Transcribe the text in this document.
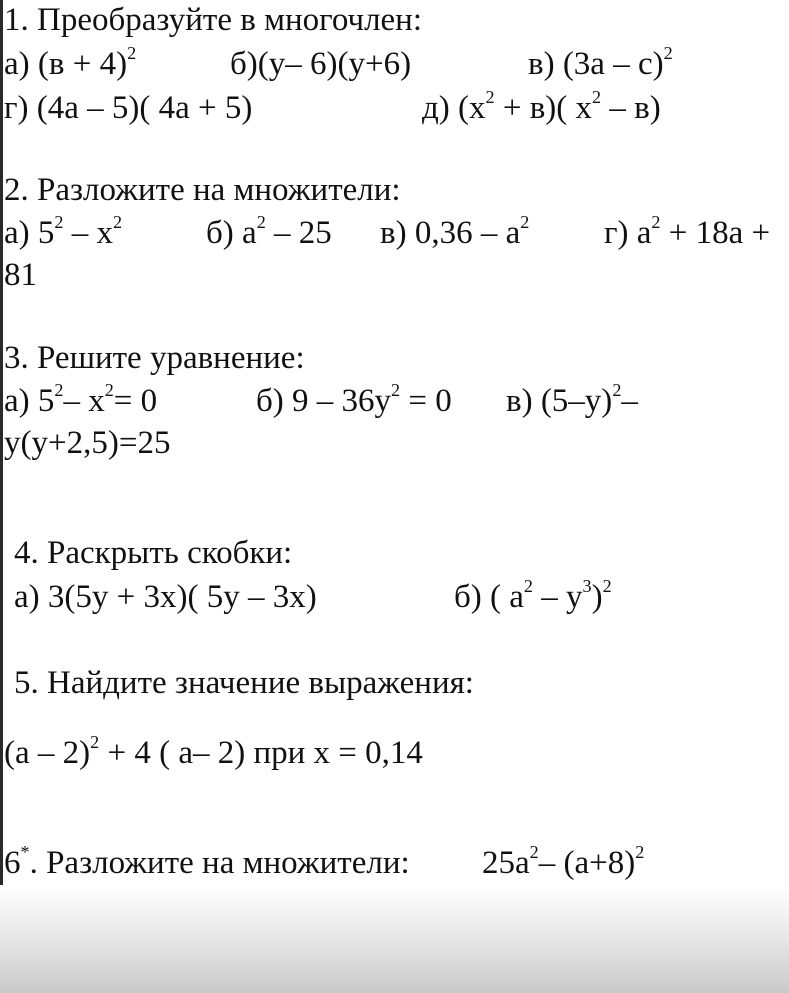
1. Преобразуйте в многочлен:
а) $(в + 4)^2$	б)(у– 6)(у+6)	в) (3а – с)$^2$
г) (4а – 5)( 4а + 5)	д) $(х^2 + в)$( $х^2 - в$)
2. Разложите на множители:
а) $5^2 - х^2$	б) $а^2 - 25$ в) $0,36 - а^2$ г) $а^2 + 18а$ +
81
3. Решите уравнение:
а) $5^2-$ $х^2= 0$	б) $9 - 36у^2 = 0$ в) $(5-у)^2-$
у(у+2,5)=25
4. Раскрыть скобки:
а) 3(5у + 3х)( 5у – 3х)	б) ( $а^2 - у^3)^2$
5. Найдите значение выражения:
(а – 2)$^2$ + 4 ( а– 2) при х = 0,14
6*. Разложите на множители: $25а^2-$ $(а+8)^2$
